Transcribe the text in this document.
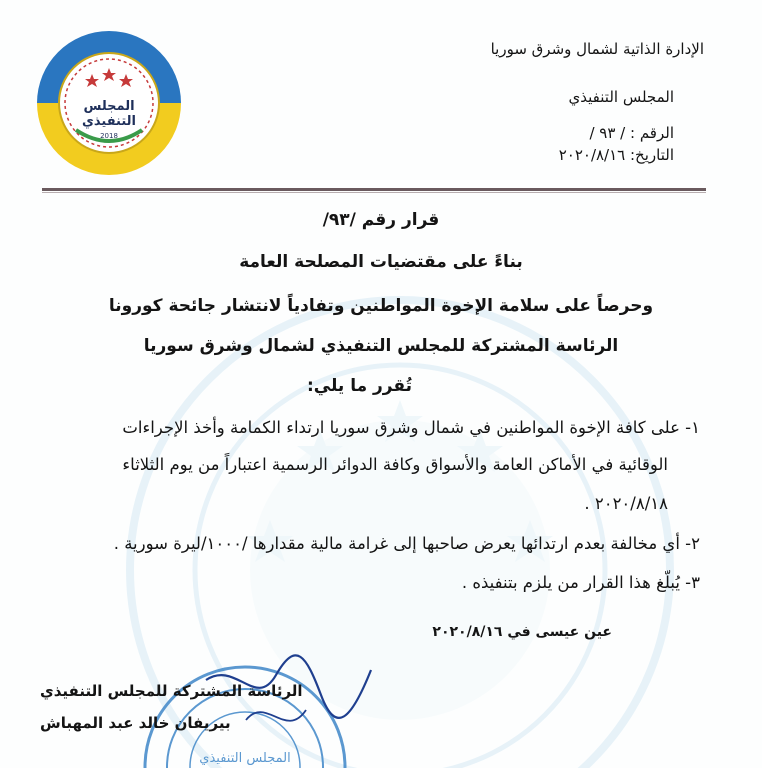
المجلس
التنفيذي
2018
الإدارة الذاتية لشمال وشرق سوريا
المجلس التنفيذي
الرقم : / ٩٣ /
التاريخ: ٢٠٢٠/٨/١٦
قرار رقم /٩٣/
بناءً على مقتضيات المصلحة العامة
وحرصاً على سلامة الإخوة المواطنين وتفادياً لانتشار جائحة كورونا
الرئاسة المشتركة للمجلس التنفيذي لشمال وشرق سوريا
تُقرر ما يلي:
١- على كافة الإخوة المواطنين في شمال وشرق سوريا ارتداء الكمامة وأخذ الإجراءات
الوقائية في الأماكن العامة والأسواق وكافة الدوائر الرسمية اعتباراً من يوم الثلاثاء
٢٠٢٠/٨/١٨ .
٢- أي مخالفة بعدم ارتدائها يعرض صاحبها إلى غرامة مالية مقدارها /١٠٠٠/ليرة سورية .
٣- يُبلّغ هذا القرار من يلزم بتنفيذه .
عين عيسى في ٢٠٢٠/٨/١٦
المجلس التنفيذي
الرئاسة المشتركة للمجلس التنفيذي
بيريفان خالد عبد المهباش
